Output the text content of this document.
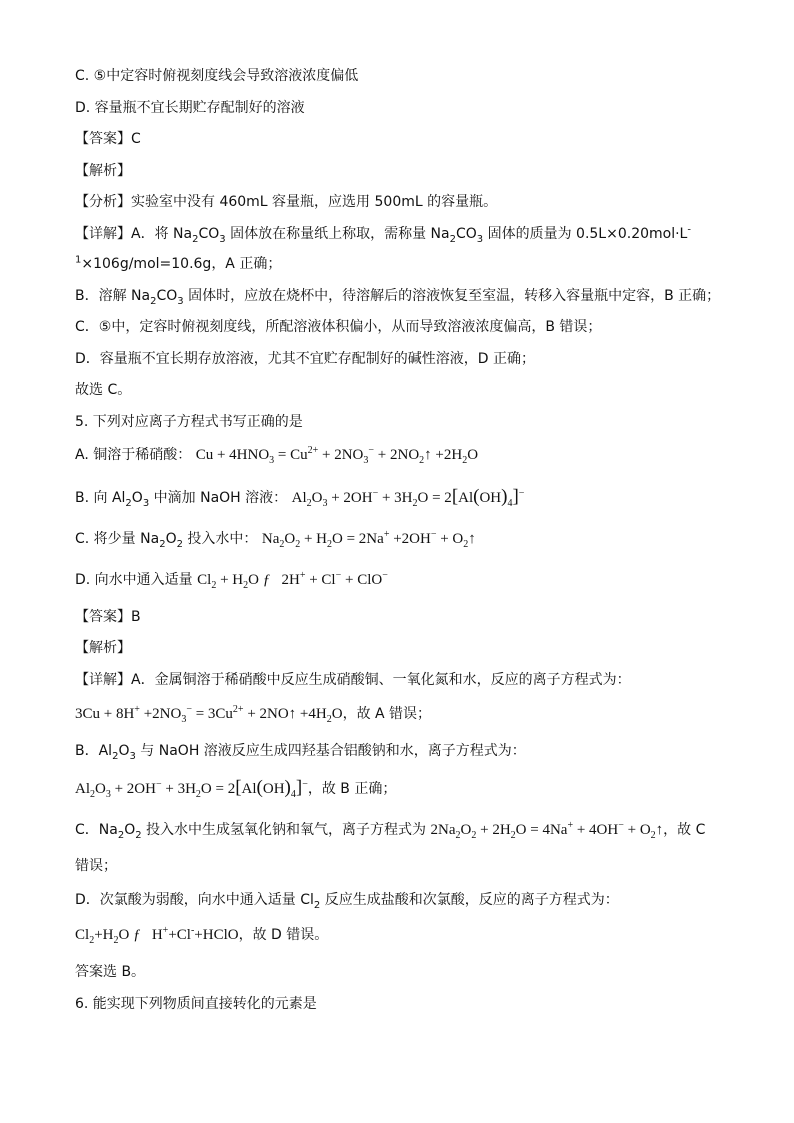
C. ⑤中定容时俯视刻度线会导致溶液浓度偏低
D. 容量瓶不宜长期贮存配制好的溶液
【答案】C
【解析】
【分析】实验室中没有 460mL 容量瓶，应选用 500mL 的容量瓶。
【详解】A．将 $Na_2CO_3$ 固体放在称量纸上称取，需称量 $Na_2CO_3$ 固体的质量为 0.5L×0.20mol·L-
$^1$×106g/mol=10.6g，A 正确；
B．溶解 $Na_2CO_3$ 固体时，应放在烧杯中，待溶解后的溶液恢复至室温，转移入容量瓶中定容，B 正确；
C．⑤中，定容时俯视刻度线，所配溶液体积偏小，从而导致溶液浓度偏高，B 错误；
D．容量瓶不宜长期存放溶液，尤其不宜贮存配制好的碱性溶液，D 正确；
故选 C。
5. 下列对应离子方程式书写正确的是
A. 铜溶于稀硝酸： $Cu + 4HNO_3 = Cu^{2+} + 2NO_3^-$ + $2NO_2↑ +2H_2O$
B. 向 $Al_2O_3$ 中滴加 NaOH 溶液： $Al_2O_3 + 2OH^- + 3H_2O = 2[Al(OH)_4]^-$
C. 将少量 $Na_2O_2$ 投入水中： $Na_2O_2 + H_2O = 2Na^+ +2OH^-$ + $O_2↑$
D. 向水中通入适量 $Cl_2 + H_2O$ ƒ   2H+ + Cl− + ClO−
【答案】B
【解析】
【详解】A．金属铜溶于稀硝酸中反应生成硝酸铜、一氧化氮和水，反应的离子方程式为：
$3Cu + 8H^+ +2NO_3^- = 3Cu^{2+}$ + 2NO↑ $+4H_2O$，故 A 错误；
B．$Al_2O_3$ 与 NaOH 溶液反应生成四羟基合铝酸钠和水，离子方程式为：
$Al_2O_3 + 2OH^- + 3H_2O = 2[Al(OH)_4]^-$，故 B 正确；
C．$Na_2O_2$ 投入水中生成氢氧化钠和氧气，离子方程式为 $2Na_2O_2 + 2H_2O = 4Na^+ + 4OH^-$ + $O_2↑$，故 C
错误；
D．次氯酸为弱酸，向水中通入适量 $Cl_2$ 反应生成盐酸和次氯酸，反应的离子方程式为：
$Cl_2+H_2O$ ƒ   H++Cl-+HClO，故 D 错误。
答案选 B。
6. 能实现下列物质间直接转化的元素是
